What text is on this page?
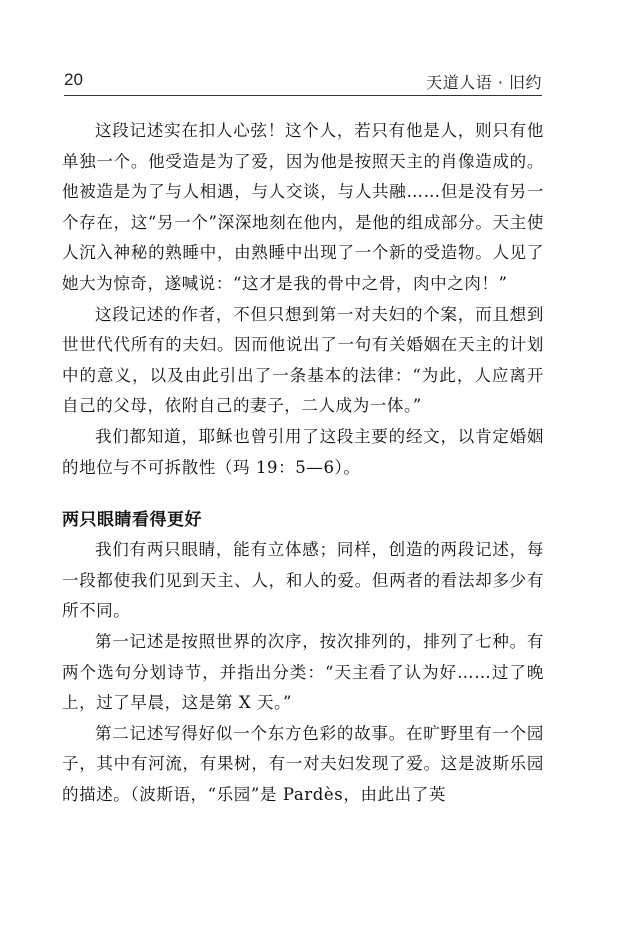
20	天道人语 · 旧约

这段记述实在扣人心弦！这个人，若只有他是人，则只有他单独一个。他受造是为了爱，因为他是按照天主的肖像造成的。他被造是为了与人相遇，与人交谈，与人共融……但是没有另一个存在，这“另一个”深深地刻在他内，是他的组成部分。天主使人沉入神秘的熟睡中，由熟睡中出现了一个新的受造物。人见了她大为惊奇，遂喊说：“这才是我的骨中之骨，肉中之肉！”

这段记述的作者，不但只想到第一对夫妇的个案，而且想到世世代代所有的夫妇。因而他说出了一句有关婚姻在天主的计划中的意义，以及由此引出了一条基本的法律：“为此，人应离开自己的父母，依附自己的妻子，二人成为一体。”

我们都知道，耶稣也曾引用了这段主要的经文，以肯定婚姻的地位与不可拆散性（玛 19：5—6）。

两只眼睛看得更好

我们有两只眼睛，能有立体感；同样，创造的两段记述，每一段都使我们见到天主、人，和人的爱。但两者的看法却多少有所不同。

第一记述是按照世界的次序，按次排列的，排列了七种。有两个选句分划诗节，并指出分类：“天主看了认为好……过了晚上，过了早晨，这是第 X 天。”

第二记述写得好似一个东方色彩的故事。在旷野里有一个园子，其中有河流，有果树，有一对夫妇发现了爱。这是波斯乐园的描述。（波斯语，“乐园”是 Pardès，由此出了英
